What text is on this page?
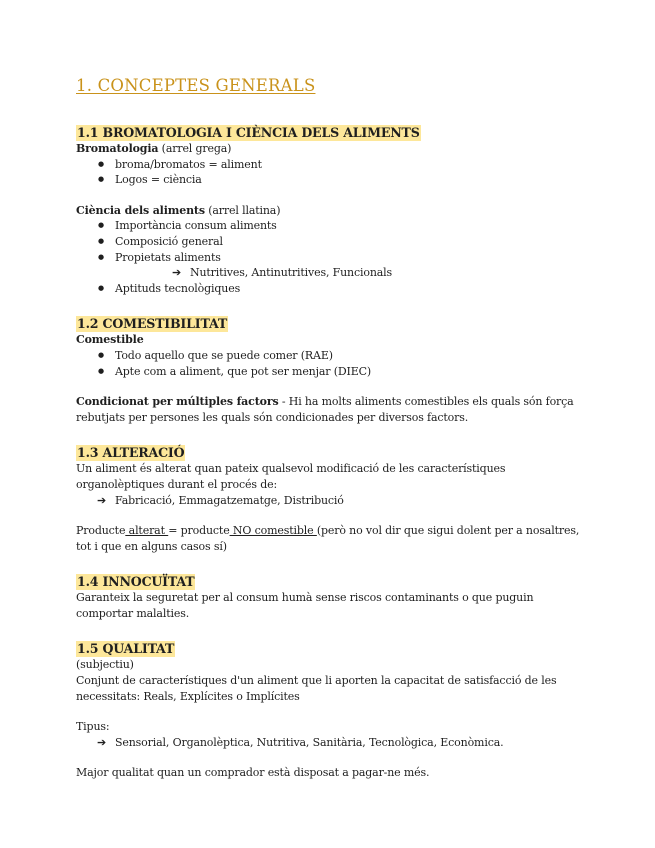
1. CONCEPTES GENERALS
1.1 BROMATOLOGIA I CIÈNCIA DELS ALIMENTS

Bromatologia (arrel grega)

● broma/bromatos = aliment
● Logos = ciència

Ciència dels aliments (arrel llatina)

● Importància consum aliments
● Composició general
● Propietats aliments
➔ Nutritives, Antinutritives, Funcionals
● Aptituds tecnològiques
1.2 COMESTIBILITAT

Comestible

● Todo aquello que se puede comer (RAE)
● Apte com a aliment, que pot ser menjar (DIEC)

Condicionat per múltiples factors - Hi ha molts aliments comestibles els quals són força rebutjats per persones les quals són condicionades per diversos factors.

1.3 ALTERACIÓ

Un aliment és alterat quan pateix qualsevol modificació de les característiques organolèptiques durant el procés de:

➔ Fabricació, Emmagatzematge, Distribució

Producte alterat = producte NO comestible (però no vol dir que sigui dolent per a nosaltres, tot i que en alguns casos sí)

1.4 INNOCUÏTAT

Garanteix la seguretat per al consum humà sense riscos contaminants o que puguin comportar malalties.

1.5 QUALITAT

(subjectiu)

Conjunt de característiques d'un aliment que li aporten la capacitat de satisfacció de les necessitats: Reals, Explícites o Implícites

Tipus:

➔ Sensorial, Organolèptica, Nutritiva, Sanitària, Tecnològica, Econòmica.

Major qualitat quan un comprador està disposat a pagar-ne més.
